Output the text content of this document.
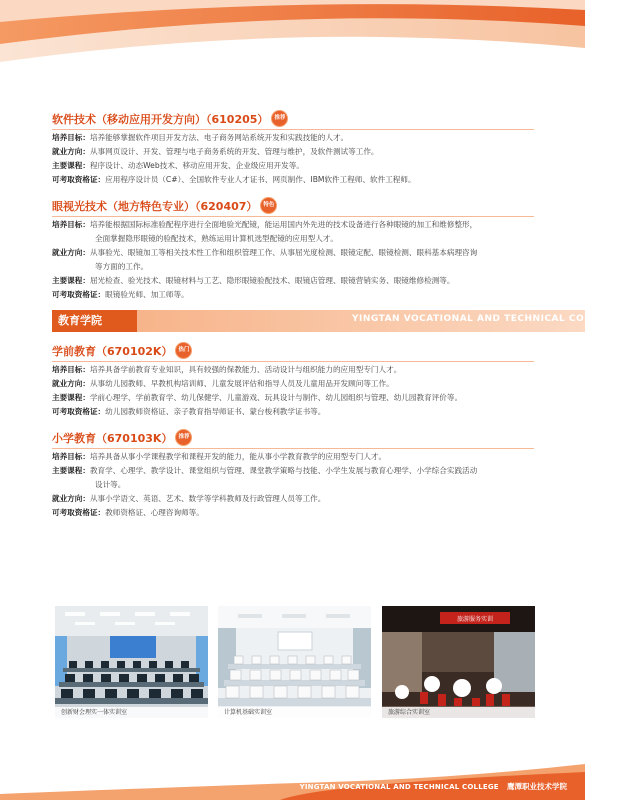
软件技术（移动应用开发方向）（610205）	推荐
培养目标： 培养能够掌握软件项目开发方法、电子商务网站系统开发和实践技能的人才。
就业方向： 从事网页设计、开发、管理与电子商务系统的开发、管理与维护，及软件测试等工作。
主要课程： 程序设计、动态Web技术、移动应用开发、企业级应用开发等。
可考取资格证： 应用程序设计员（C#）、全国软件专业人才证书、网页制作、IBM软件工程师、软件工程师。
眼视光技术（地方特色专业）（620407）	特色
培养目标： 培养能根据国际标准验配程序进行全面地验光配镜，能运用国内外先进的技术设备进行各种眼镜的加工和维修整形，
全面掌握隐形眼镜的验配技术，熟练运用计算机选型配镜的应用型人才。
就业方向： 从事验光、眼镜加工等相关技术性工作和组织管理工作、从事屈光度检测、眼镜定配、眼镜检测、眼科基本病理咨询
等方面的工作。
主要课程： 屈光检查、验光技术、眼镜材料与工艺、隐形眼镜验配技术、眼镜店管理、眼镜营销实务、眼镜维修检测等。
可考取资格证： 眼镜验光师、加工师等。
教育学院	YINGTAN VOCATIONAL AND TECHNICAL COLLEGE
学前教育（670102K）	热门
培养目标： 培养具备学前教育专业知识，具有较强的保教能力、活动设计与组织能力的应用型专门人才。
就业方向： 从事幼儿园教师、早教机构培训师、儿童发展评估和指导人员及儿童用品开发顾问等工作。
主要课程： 学前心理学、学前教育学、幼儿保健学、儿童游戏、玩具设计与制作、幼儿园组织与管理、幼儿园教育评价等。
可考取资格证： 幼儿园教师资格证、亲子教育指导师证书、蒙台梭利教学证书等。
小学教育（670103K）	推荐
培养目标： 培养具备从事小学课程教学和课程开发的能力，能从事小学教育教学的应用型专门人才。
主要课程： 教育学、心理学、教学设计、课堂组织与管理、课堂教学策略与技能、小学生发展与教育心理学、小学综合实践活动
设计等。
就业方向： 从事小学语文、英语、艺术、数学等学科教师及行政管理人员等工作。
可考取资格证： 教师资格证、心理咨询师等。
创新财会理实一体实训室	计算机基础实训室
旅游服务实训
旅游综合实训室
YINGTAN VOCATIONAL AND TECHNICAL COLLEGE 鹰潭职业技术学院
